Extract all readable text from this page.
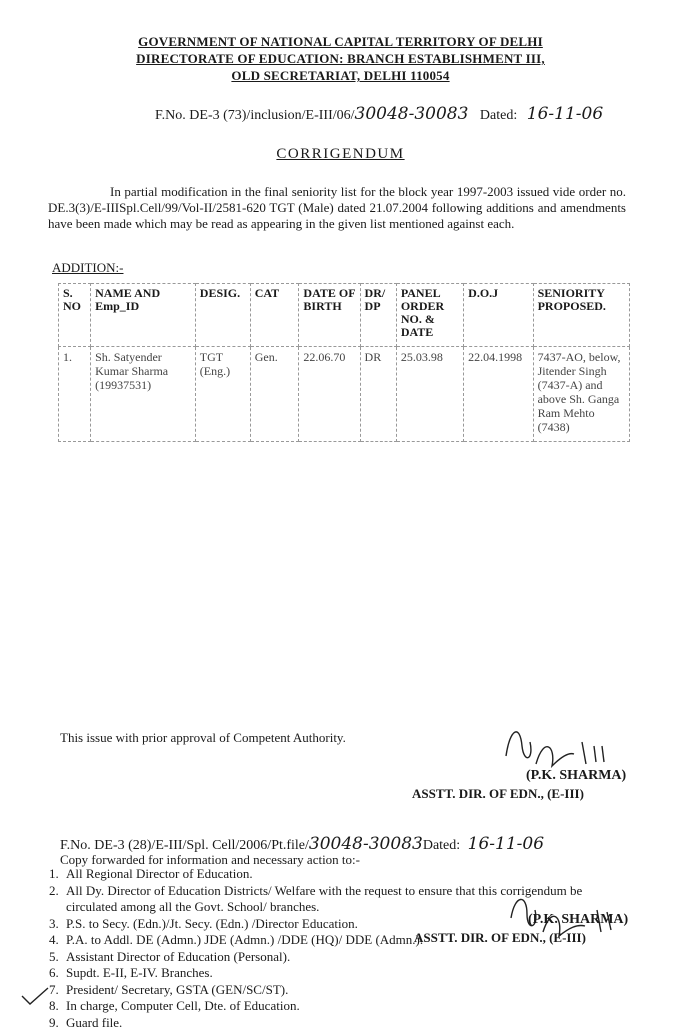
GOVERNMENT OF NATIONAL CAPITAL TERRITORY OF DELHI
DIRECTORATE OF EDUCATION: BRANCH ESTABLISHMENT III,
OLD SECRETARIAT, DELHI 110054
F.No. DE-3 (73)/inclusion/E-III/06/30048-30083 Dated: 16-11-06
CORRIGENDUM
In partial modification in the final seniority list for the block year 1997-2003 issued vide order no. DE.3(3)/E-IIISpl.Cell/99/Vol-II/2581-620 TGT (Male) dated 21.07.2004 following additions and amendments have been made which may be read as appearing in the given list mentioned against each.
ADDITION:-
S. NO	NAME AND Emp_ID	DESIG.	CAT	DATE OF BIRTH	DR/ DP	PANEL ORDER NO. & DATE	D.O.J	SENIORITY PROPOSED.
1.	Sh. Satyender Kumar Sharma (19937531)	TGT (Eng.)	Gen.	22.06.70	DR	25.03.98	22.04.1998	7437-AO, below, Jitender Singh (7437-A) and above Sh. Ganga Ram Mehto (7438)
This issue with prior approval of Competent Authority.
(P.K. SHARMA)
ASSTT. DIR. OF EDN., (E-III)
F.No. DE-3 (28)/E-III/Spl. Cell/2006/Pt.file/30048-30083Dated: 16-11-06
Copy forwarded for information and necessary action to:-
1. All Regional Director of Education.
2. All Dy. Director of Education Districts/ Welfare with the request to ensure that this corrigendum be circulated among all the Govt. School/ branches.
3. P.S. to Secy. (Edn.)/Jt. Secy. (Edn.) /Director Education.
4. P.A. to Addl. DE (Admn.) JDE (Admn.) /DDE (HQ)/ DDE (Admn.).
5. Assistant Director of Education (Personal).
6. Supdt. E-II, E-IV. Branches.
7. President/ Secretary, GSTA (GEN/SC/ST).
8. In charge, Computer Cell, Dte. of Education.
9. Guard file.
(P.K. SHARMA)
ASSTT. DIR. OF EDN., (E-III)
